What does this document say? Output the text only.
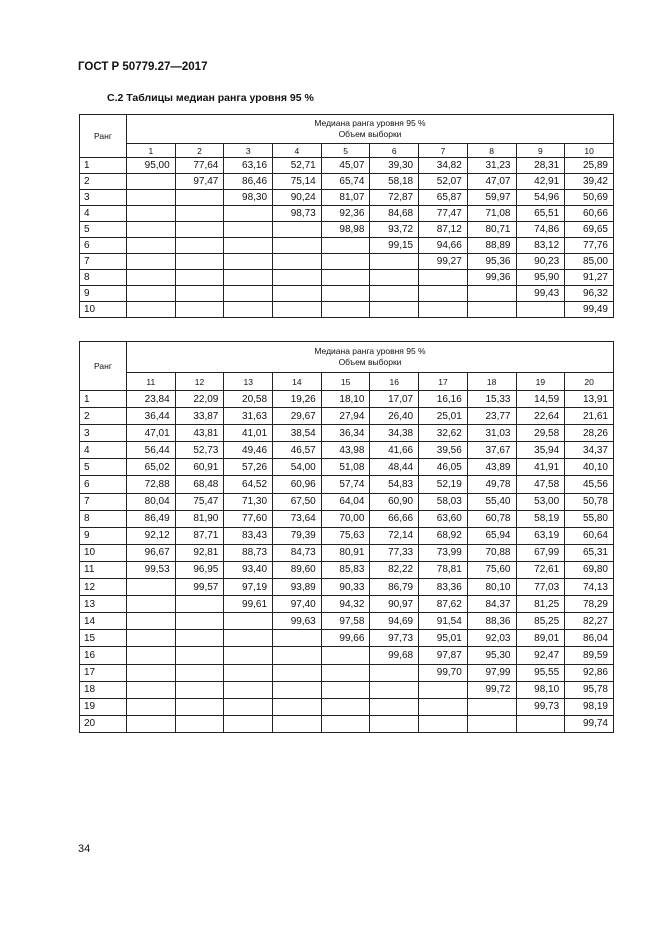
ГОСТ Р 50779.27—2017
С.2 Таблицы медиан ранга уровня 95 %
Ранг	Медиана ранга уровня 95 %
Объем выборки									

	1	2	3	4	5	6	7	8	9	10
1	95,00	77,64	63,16	52,71	45,07	39,30	34,82	31,23	28,31	25,89
2		97,47	86,46	75,14	65,74	58,18	52,07	47,07	42,91	39,42
3			98,30	90,24	81,07	72,87	65,87	59,97	54,96	50,69
4				98,73	92,36	84,68	77,47	71,08	65,51	60,66
5					98,98	93,72	87,12	80,71	74,86	69,65
6						99,15	94,66	88,89	83,12	77,76
7							99,27	95,36	90,23	85,00
8								99,36	95,90	91,27
9									99,43	96,32
10										99,49
Ранг	Медиана ранга уровня 95 %
Объем выборки									

	11	12	13	14	15	16	17	18	19	20
1	23,84	22,09	20,58	19,26	18,10	17,07	16,16	15,33	14,59	13,91
2	36,44	33,87	31,63	29,67	27,94	26,40	25,01	23,77	22,64	21,61
3	47,01	43,81	41,01	38,54	36,34	34,38	32,62	31,03	29,58	28,26
4	56,44	52,73	49,46	46,57	43,98	41,66	39,56	37,67	35,94	34,37
5	65,02	60,91	57,26	54,00	51,08	48,44	46,05	43,89	41,91	40,10
6	72,88	68,48	64,52	60,96	57,74	54,83	52,19	49,78	47,58	45,56
7	80,04	75,47	71,30	67,50	64,04	60,90	58,03	55,40	53,00	50,78
8	86,49	81,90	77,60	73,64	70,00	66,66	63,60	60,78	58,19	55,80
9	92,12	87,71	83,43	79,39	75,63	72,14	68,92	65,94	63,19	60,64
10	96,67	92,81	88,73	84,73	80,91	77,33	73,99	70,88	67,99	65,31
11	99,53	96,95	93,40	89,60	85,83	82,22	78,81	75,60	72,61	69,80
12		99,57	97,19	93,89	90,33	86,79	83,36	80,10	77,03	74,13
13			99,61	97,40	94,32	90,97	87,62	84,37	81,25	78,29
14				99,63	97,58	94,69	91,54	88,36	85,25	82,27
15					99,66	97,73	95,01	92,03	89,01	86,04
16						99,68	97,87	95,30	92,47	89,59
17							99,70	97,99	95,55	92,86
18								99,72	98,10	95,78
19									99,73	98,19
20										99,74
34
